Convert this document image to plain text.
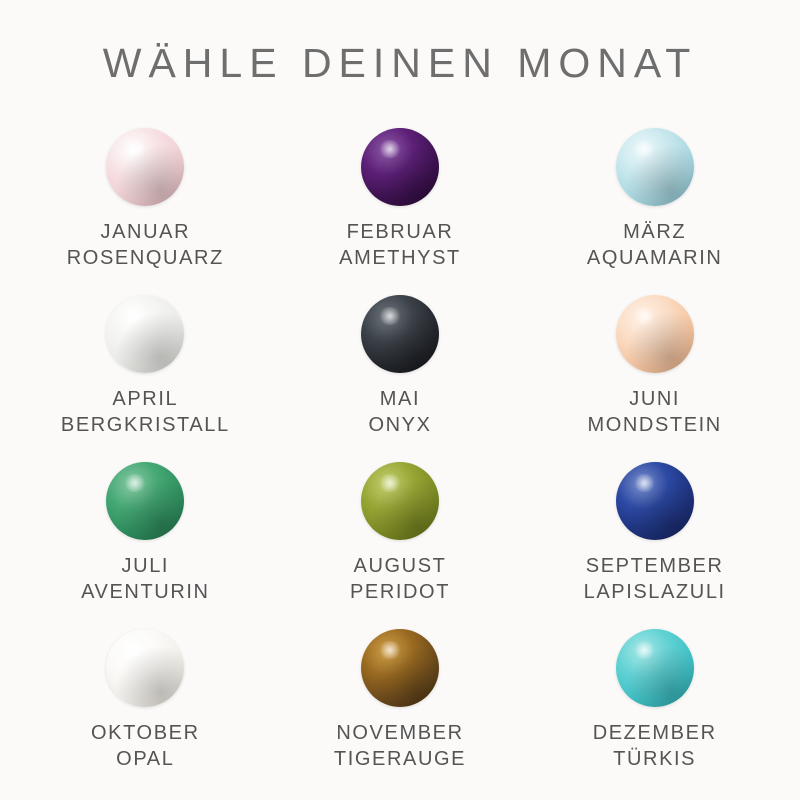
WÄHLE DEINEN MONAT
JANUAR
ROSENQUARZ
FEBRUAR
AMETHYST
MÄRZ
AQUAMARIN
APRIL
BERGKRISTALL
MAI
ONYX
JUNI
MONDSTEIN
JULI
AVENTURIN
AUGUST
PERIDOT
SEPTEMBER
LAPISLAZULI
OKTOBER
OPAL
NOVEMBER
TIGERAUGE
DEZEMBER
TÜRKIS
